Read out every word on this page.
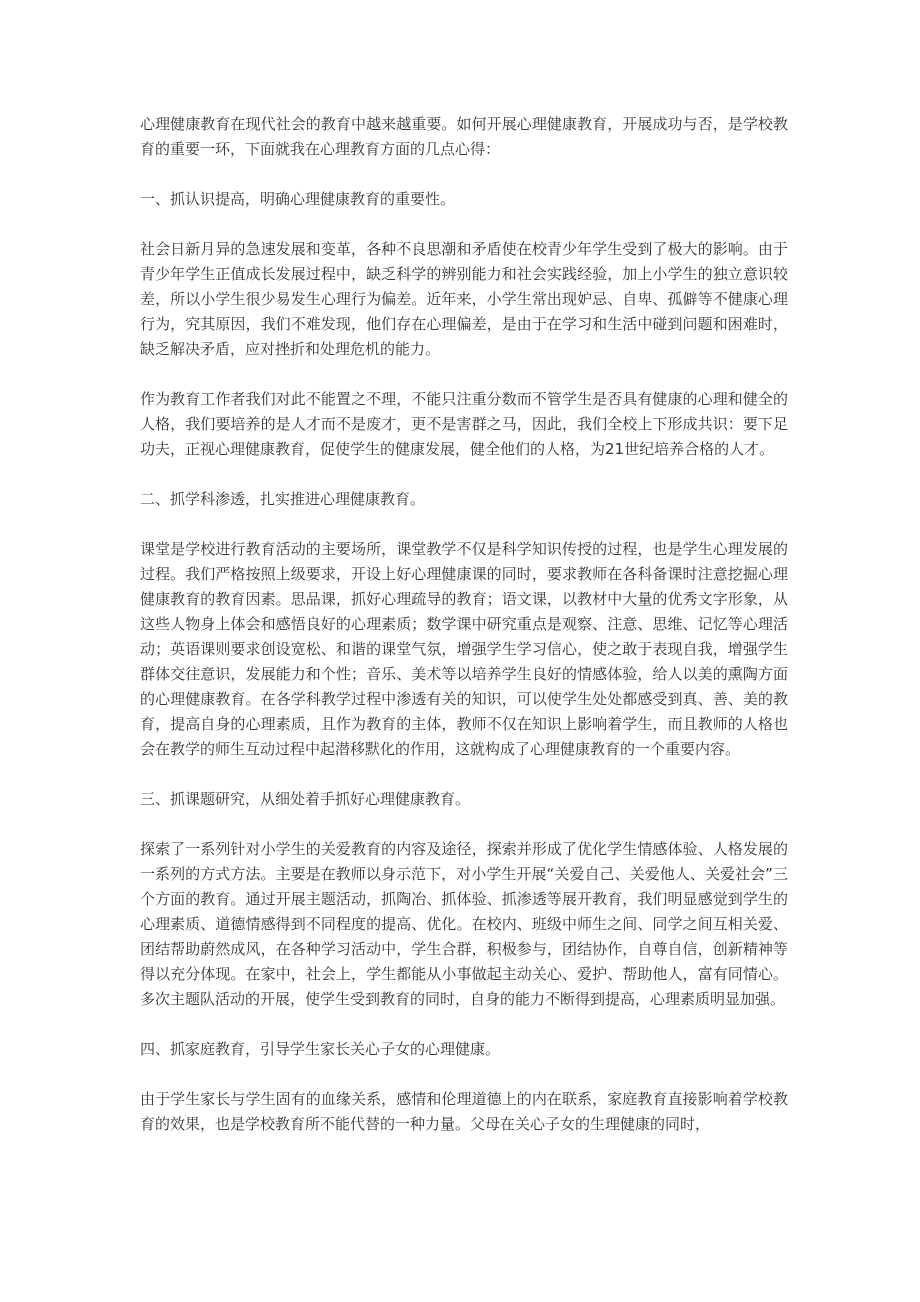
心理健康教育在现代社会的教育中越来越重要。如何开展心理健康教育，开展成功与否，是学校教育的重要一环，下面就我在心理教育方面的几点心得：

一、抓认识提高，明确心理健康教育的重要性。

社会日新月异的急速发展和变革，各种不良思潮和矛盾使在校青少年学生受到了极大的影响。由于青少年学生正值成长发展过程中，缺乏科学的辨别能力和社会实践经验，加上小学生的独立意识较差，所以小学生很少易发生心理行为偏差。近年来，小学生常出现妒忌、自卑、孤僻等不健康心理行为，究其原因，我们不难发现，他们存在心理偏差，是由于在学习和生活中碰到问题和困难时，缺乏解决矛盾，应对挫折和处理危机的能力。

作为教育工作者我们对此不能置之不理，不能只注重分数而不管学生是否具有健康的心理和健全的人格，我们要培养的是人才而不是废才，更不是害群之马，因此，我们全校上下形成共识：要下足功夫，正视心理健康教育，促使学生的健康发展，健全他们的人格，为21世纪培养合格的人才。

二、抓学科渗透，扎实推进心理健康教育。

课堂是学校进行教育活动的主要场所，课堂教学不仅是科学知识传授的过程，也是学生心理发展的过程。我们严格按照上级要求，开设上好心理健康课的同时，要求教师在各科备课时注意挖掘心理健康教育的教育因素。思品课，抓好心理疏导的教育；语文课，以教材中大量的优秀文字形象，从这些人物身上体会和感悟良好的心理素质；数学课中研究重点是观察、注意、思维、记忆等心理活动；英语课则要求创设宽松、和谐的课堂气氛，增强学生学习信心，使之敢于表现自我，增强学生群体交往意识，发展能力和个性；音乐、美术等以培养学生良好的情感体验，给人以美的熏陶方面的心理健康教育。在各学科教学过程中渗透有关的知识，可以使学生处处都感受到真、善、美的教育，提高自身的心理素质，且作为教育的主体，教师不仅在知识上影响着学生，而且教师的人格也会在教学的师生互动过程中起潜移默化的作用，这就构成了心理健康教育的一个重要内容。

三、抓课题研究，从细处着手抓好心理健康教育。

探索了一系列针对小学生的关爱教育的内容及途径，探索并形成了优化学生情感体验、人格发展的一系列的方式方法。主要是在教师以身示范下，对小学生开展“关爱自己、关爱他人、关爱社会”三个方面的教育。通过开展主题活动，抓陶冶、抓体验、抓渗透等展开教育，我们明显感觉到学生的心理素质、道德情感得到不同程度的提高、优化。在校内、班级中师生之间、同学之间互相关爱、团结帮助蔚然成风，在各种学习活动中，学生合群，积极参与，团结协作，自尊自信，创新精神等得以充分体现。在家中，社会上，学生都能从小事做起主动关心、爱护、帮助他人，富有同情心。多次主题队活动的开展，使学生受到教育的同时，自身的能力不断得到提高，心理素质明显加强。

四、抓家庭教育，引导学生家长关心子女的心理健康。

由于学生家长与学生固有的血缘关系，感情和伦理道德上的内在联系，家庭教育直接影响着学校教育的效果，也是学校教育所不能代替的一种力量。父母在关心子女的生理健康的同时，
